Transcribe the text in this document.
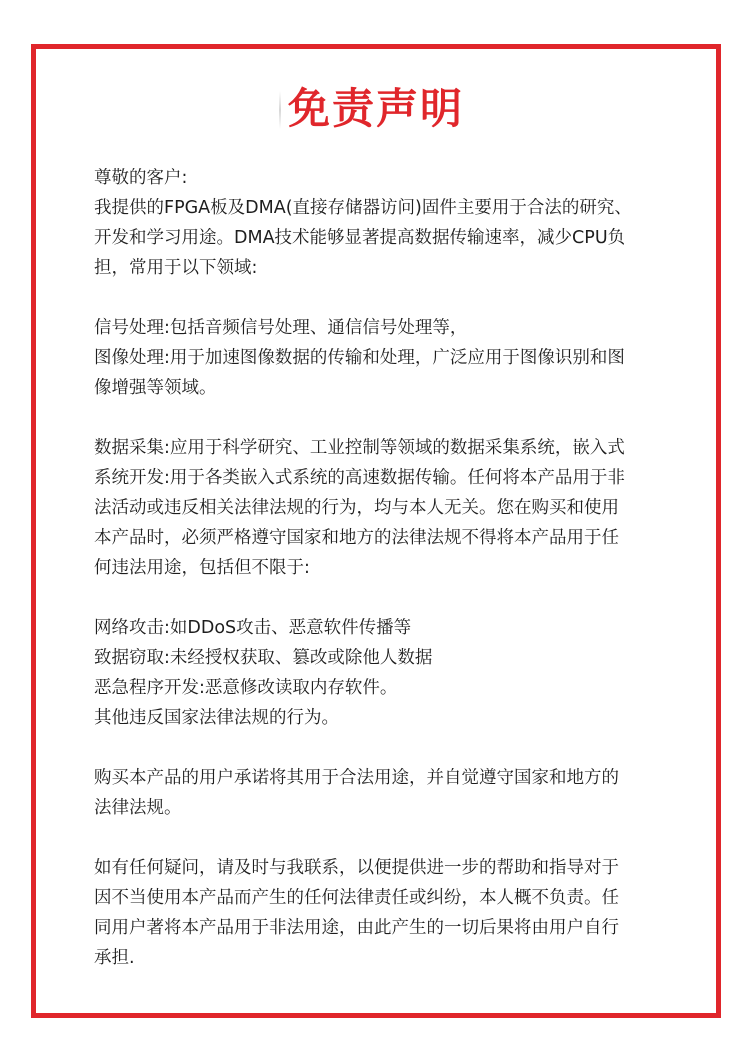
免责声明
尊敬的客户:
我提供的FPGA板及DMA(直接存储器访问)固件主要用于合法的研究、
开发和学习用途。DMA技术能够显著提高数据传输速率，减少CPU负
担，常用于以下领域:
信号处理:包括音频信号处理、通信信号处理等，
图像处理:用于加速图像数据的传输和处理，广泛应用于图像识别和图
像增强等领域。
数据采集:应用于科学研究、工业控制等领域的数据采集系统，嵌入式
系统开发:用于各类嵌入式系统的高速数据传输。任何将本产品用于非
法活动或违反相关法律法规的行为，均与本人无关。您在购买和使用
本产品时，必须严格遵守国家和地方的法律法规不得将本产品用于任
何违法用途，包括但不限于:
网络攻击:如DDoS攻击、恶意软件传播等
致据窃取:未经授权获取、篡改或除他人数据
恶急程序开发:恶意修改读取内存软件。
其他违反国家法律法规的行为。
购买本产品的用户承诺将其用于合法用途，并自觉遵守国家和地方的
法律法规。
如有任何疑问，请及时与我联系，以便提供进一步的帮助和指导对于
因不当使用本产品而产生的任何法律责任或纠纷，本人概不负责。任
同用户著将本产品用于非法用途，由此产生的一切后果将由用户自行
承担.
